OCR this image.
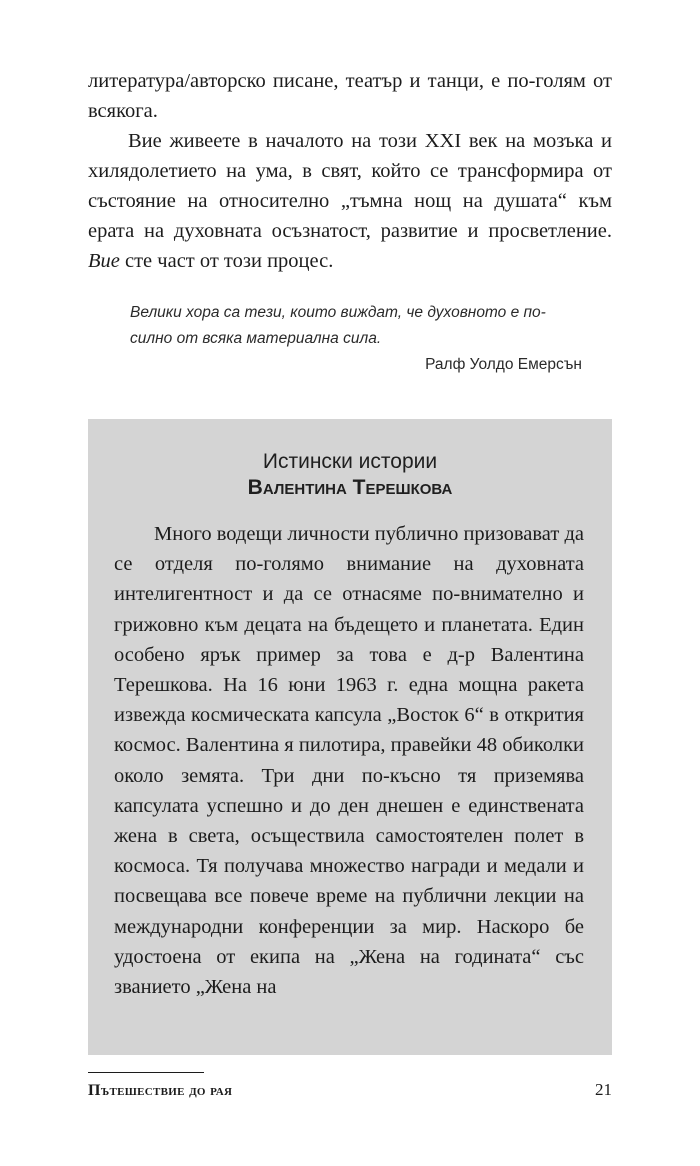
литература/авторско писане, театър и танци, е по-голям от всякога.

Вие живеете в началото на този XXI век на мозъка и хилядолетието на ума, в свят, който се трансформира от състояние на относително „тъмна нощ на душата“ към ерата на духовната осъзнатост, развитие и просветление. Вие сте част от този процес.

Велики хора са тези, които виждат, че духовното е по-силно от всяка материална сила.
Ралф Уолдо Емерсън
Истински истории
Валентина Терешкова

Много водещи личности публично призовават да се отделя по-голямо внимание на духовната интелигентност и да се отнасяме по-внимателно и грижовно към децата на бъдещето и планетата. Един особено ярък пример за това е д-р Валентина Терешкова. На 16 юни 1963 г. една мощна ракета извежда космическата капсула „Восток 6“ в открития космос. Валентина я пилотира, правейки 48 обиколки около земята. Три дни по-късно тя приземява капсулата успешно и до ден днешен е единствената жена в света, осъществила самостоятелен полет в космоса. Тя получава множество награди и медали и посвещава все повече време на публични лекции на международни конференции за мир. Наскоро бе удостоена от екипа на „Жена на годината“ със званието „Жена на

Пътешествие до рая	21
